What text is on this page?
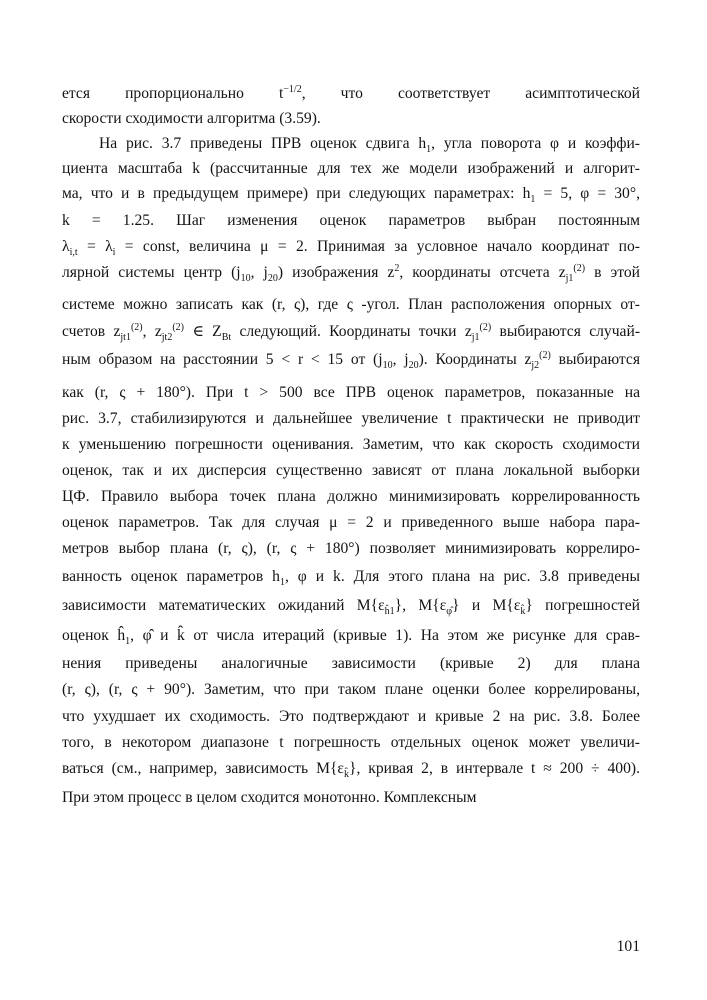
ется пропорционально $t^{-1/2}$, что соответствует асимптотической
скорости сходимости алгоритма (3.59).
На рис. 3.7 приведены ПРВ оценок сдвига $h_1$, угла поворота φ и коэффи-
циента масштаба k (рассчитанные для тех же модели изображений и алгорит-
ма, что и в предыдущем примере) при следующих параметрах: $h_1 = 5$, φ = 30°,
k = 1.25. Шаг изменения оценок параметров выбран постоянным
$\lambda_{i,t} = \lambda_i$ = const, величина μ = 2. Принимая за условное начало координат по-
лярной системы центр ($j_{10}$, $j_{20}$) изображения $z^2$, координаты отсчета $z_{j1}^{(2)}$ в этой
системе можно записать как (r, ς), где ς -угол. План расположения опорных от-
счетов $z_{jt1}^{(2)}$, $z_{jt2}^{(2)}$ ∈ $Z_{Bt}$ следующий. Координаты точки $z_{j1}^{(2)}$ выбираются случай-
ным образом на расстоянии 5 < r < 15 от ($j_{10}$, $j_{20}$). Координаты $z_{j2}^{(2)}$ выбираются
как (r, ς + 180°). При t > 500 все ПРВ оценок параметров, показанные на
рис. 3.7, стабилизируются и дальнейшее увеличение t практически не приводит
к уменьшению погрешности оценивания. Заметим, что как скорость сходимости
оценок, так и их дисперсия существенно зависят от плана локальной выборки
ЦФ. Правило выбора точек плана должно минимизировать коррелированность
оценок параметров. Так для случая μ = 2 и приведенного выше набора пара-
метров выбор плана (r, ς), (r, ς + 180°) позволяет минимизировать коррелиро-
ванность оценок параметров $h_1$, φ и k. Для этого плана на рис. 3.8 приведены
зависимости математических ожиданий $M\{\varepsilon_{ĥ1}\}$, $M\{\varepsilon_{\varphî}\}$ и $M\{\varepsilon_{k̂}\}$ погрешностей
оценок $ĥ_1$, φ̂ и k̂ от числа итераций (кривые 1). На этом же рисунке для срав-
нения приведены аналогичные зависимости (кривые 2) для плана
(r, ς), (r, ς + 90°). Заметим, что при таком плане оценки более коррелированы,
что ухудшает их сходимость. Это подтверждают и кривые 2 на рис. 3.8. Более
того, в некотором диапазоне t погрешность отдельных оценок может увеличи-
ваться (см., например, зависимость $M\{\varepsilon_{k̂}\}$, кривая 2, в интервале t ≈ 200 ÷ 400).
При этом процесс в целом сходится монотонно. Комплексным
101
